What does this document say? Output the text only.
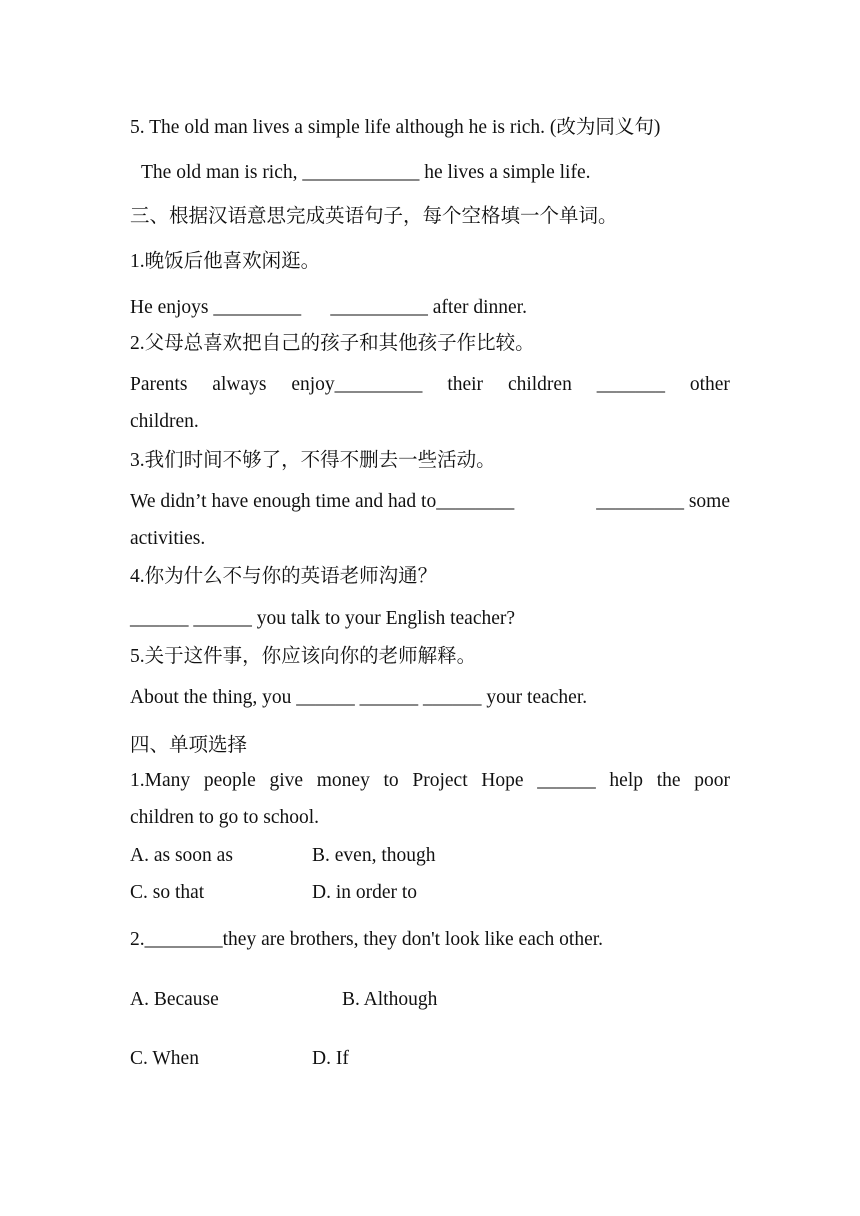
5. The old man lives a simple life although he is rich. (改为同义句)
The old man is rich, ____________ he lives a simple life.
三、根据汉语意思完成英语句子，每个空格填一个单词。
1.晚饭后他喜欢闲逛。
He enjoys _________      __________ after dinner.
2.父母总喜欢把自己的孩子和其他孩子作比较。
Parents always enjoy_________ their children _______ other
children.
3.我们时间不够了，不得不删去一些活动。
We didn’t have enough time and had to________	_________ some
activities.
4.你为什么不与你的英语老师沟通？
______ ______ you talk to your English teacher?
5.关于这件事，你应该向你的老师解释。
About the thing, you ______ ______ ______ your teacher.
四、单项选择
1.Many people give money to Project Hope ______ help the poor
children to go to school.
A. as soon as	B. even, though
C. so that	D. in order to
2.________they are brothers, they don't look like each other.
A. Because	B. Although
C. When	D. If
